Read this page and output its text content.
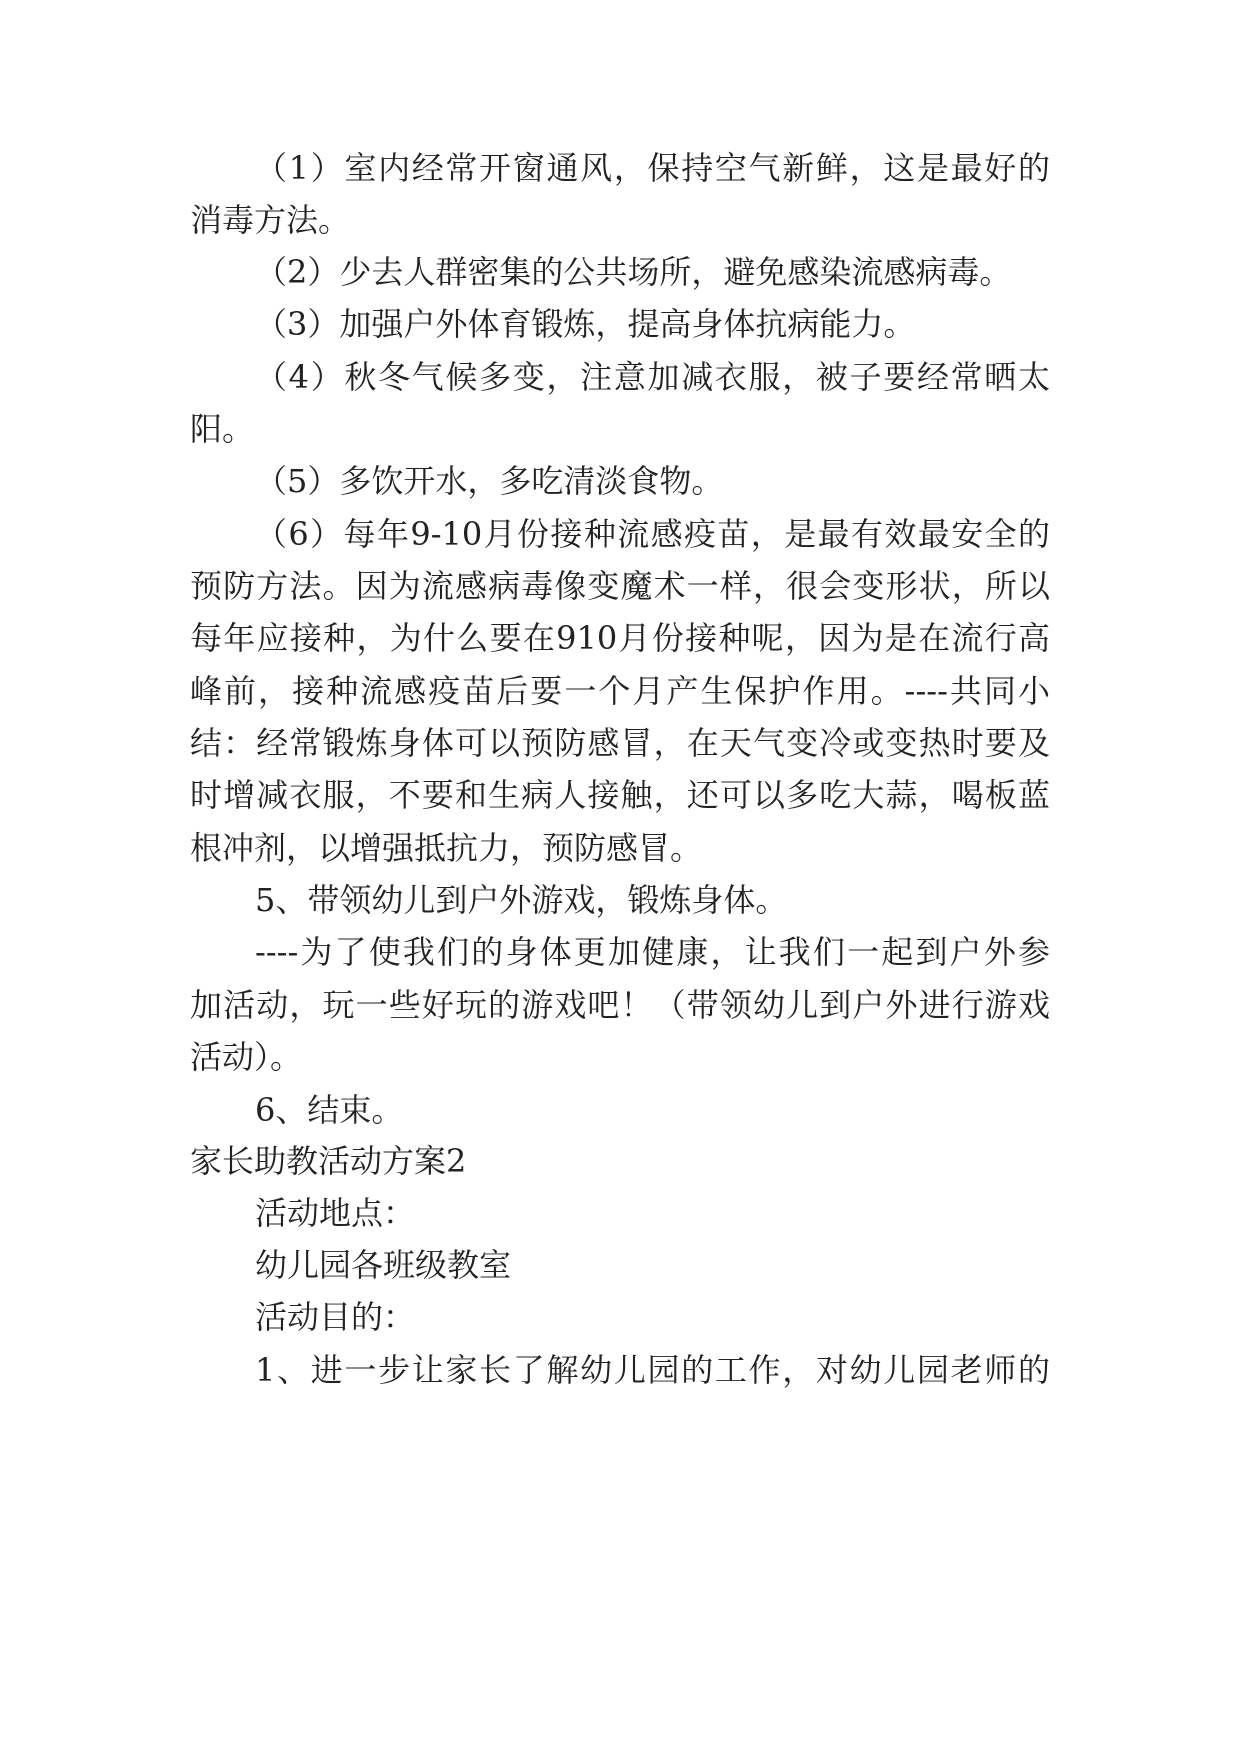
（1）室内经常开窗通风，保持空气新鲜，这是最好的
消毒方法。
（2）少去人群密集的公共场所，避免感染流感病毒。
（3）加强户外体育锻炼，提高身体抗病能力。
（4）秋冬气候多变，注意加减衣服，被子要经常晒太
阳。
（5）多饮开水，多吃清淡食物。
（6）每年9-10月份接种流感疫苗，是最有效最安全的
预防方法。因为流感病毒像变魔术一样，很会变形状，所以
每年应接种，为什么要在910月份接种呢，因为是在流行高
峰前，接种流感疫苗后要一个月产生保护作用。----共同小
结：经常锻炼身体可以预防感冒，在天气变冷或变热时要及
时增减衣服，不要和生病人接触，还可以多吃大蒜，喝板蓝
根冲剂，以增强抵抗力，预防感冒。
5、带领幼儿到户外游戏，锻炼身体。
----为了使我们的身体更加健康，让我们一起到户外参
加活动，玩一些好玩的游戏吧！（带领幼儿到户外进行游戏
活动）。
6、结束。
家长助教活动方案2
活动地点：
幼儿园各班级教室
活动目的：
1、进一步让家长了解幼儿园的工作，对幼儿园老师的
